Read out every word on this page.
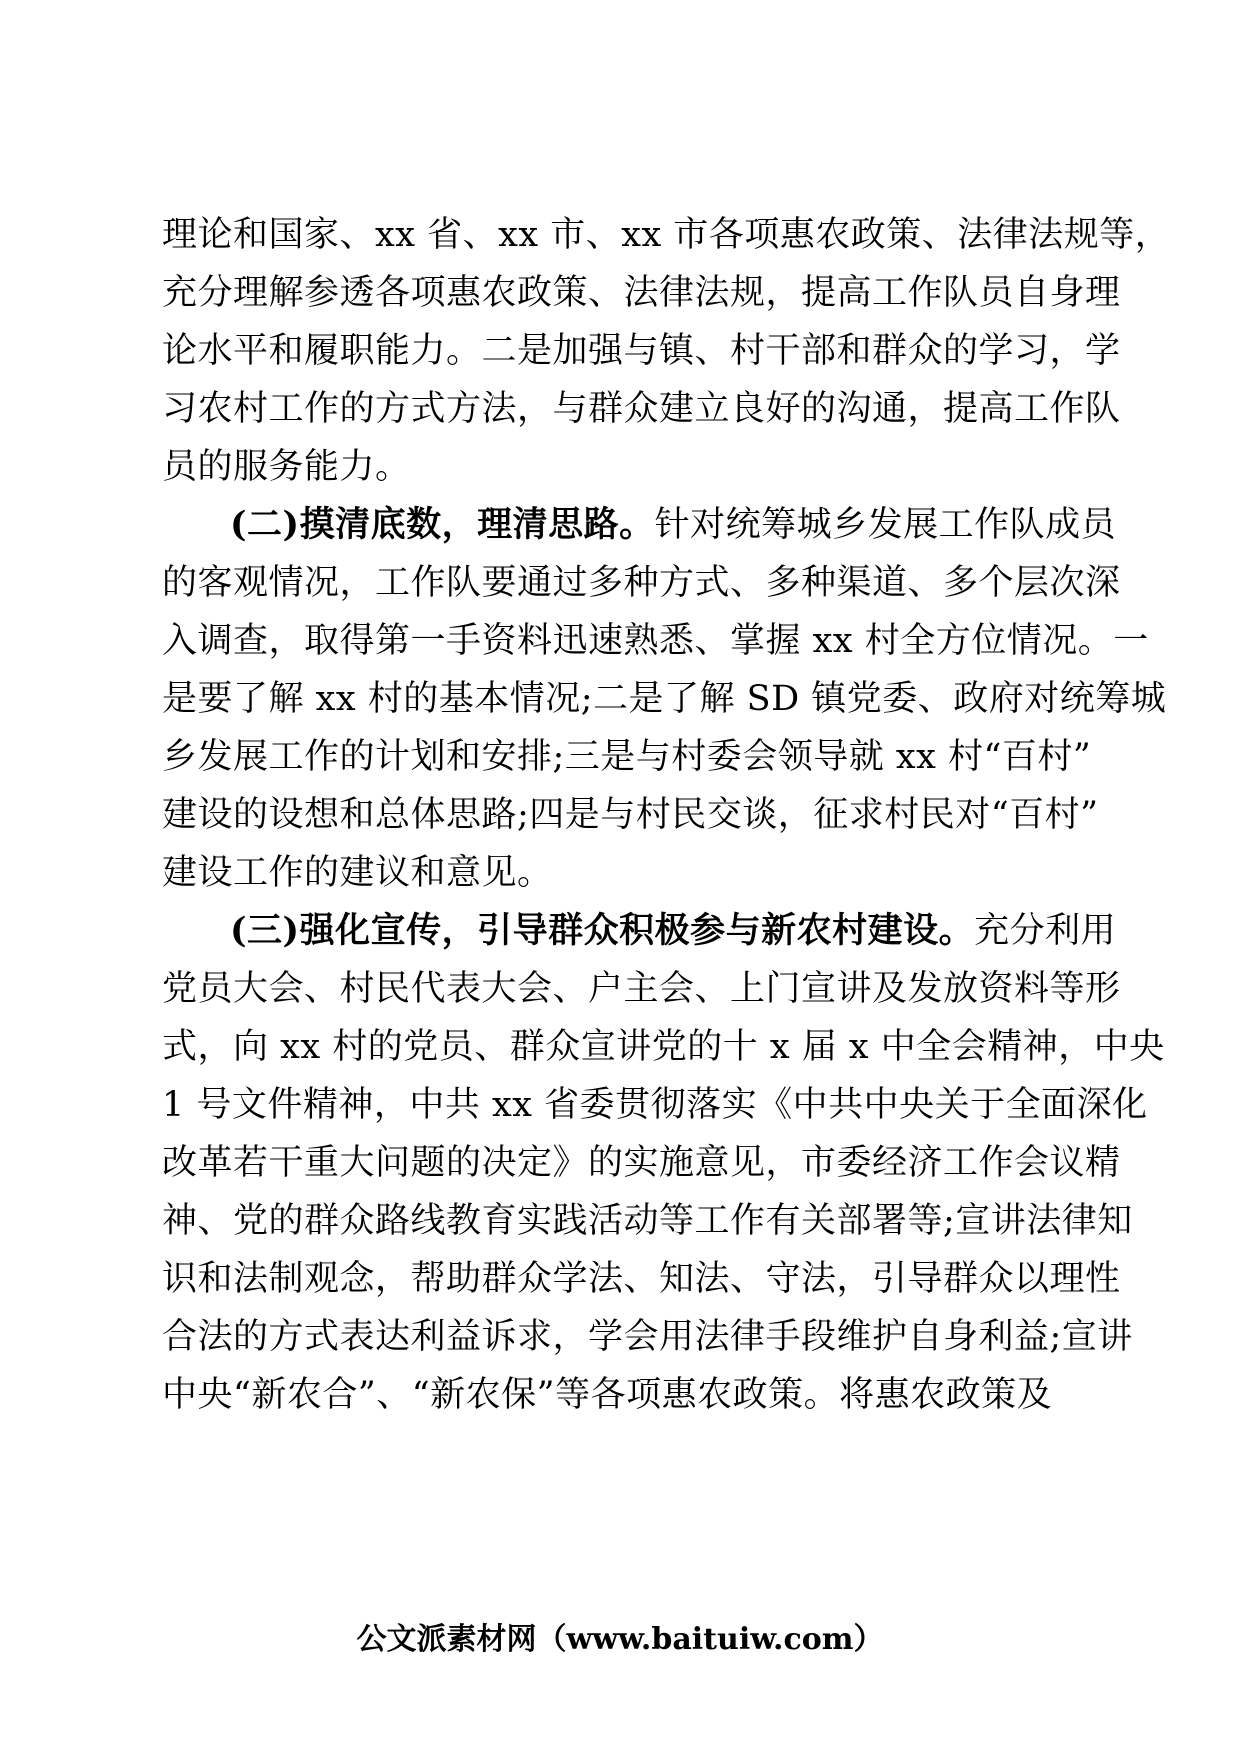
理论和国家、xx 省、xx 市、xx 市各项惠农政策、法律法规等，
充分理解参透各项惠农政策、法律法规，提高工作队员自身理
论水平和履职能力。二是加强与镇、村干部和群众的学习，学
习农村工作的方式方法，与群众建立良好的沟通，提高工作队
员的服务能力。
(二)摸清底数，理清思路。针对统筹城乡发展工作队成员
的客观情况，工作队要通过多种方式、多种渠道、多个层次深
入调查，取得第一手资料迅速熟悉、掌握 xx 村全方位情况。一
是要了解 xx 村的基本情况;二是了解 SD 镇党委、政府对统筹城
乡发展工作的计划和安排;三是与村委会领导就 xx 村“百村”
建设的设想和总体思路;四是与村民交谈，征求村民对“百村”
建设工作的建议和意见。
(三)强化宣传，引导群众积极参与新农村建设。充分利用
党员大会、村民代表大会、户主会、上门宣讲及发放资料等形
式，向 xx 村的党员、群众宣讲党的十 x 届 x 中全会精神，中央
1 号文件精神，中共 xx 省委贯彻落实《中共中央关于全面深化
改革若干重大问题的决定》的实施意见，市委经济工作会议精
神、党的群众路线教育实践活动等工作有关部署等;宣讲法律知
识和法制观念，帮助群众学法、知法、守法，引导群众以理性
合法的方式表达利益诉求，学会用法律手段维护自身利益;宣讲
中央“新农合”、“新农保”等各项惠农政策。将惠农政策及
公文派素材网（www.baituiw.com）
